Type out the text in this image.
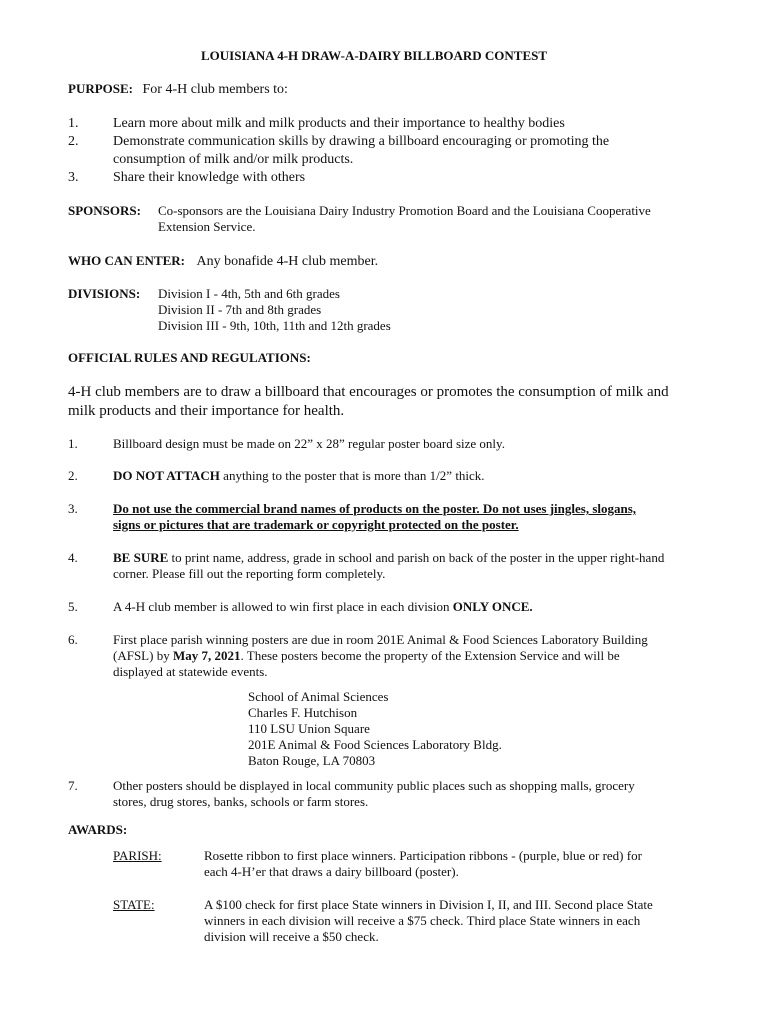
LOUISIANA 4-H DRAW-A-DAIRY BILLBOARD CONTEST
PURPOSE: For 4-H club members to:
1. Learn more about milk and milk products and their importance to healthy bodies
2. Demonstrate communication skills by drawing a billboard encouraging or promoting the
consumption of milk and/or milk products.
3. Share their knowledge with others
SPONSORS: Co-sponsors are the Louisiana Dairy Industry Promotion Board and the Louisiana Cooperative
Extension Service.
WHO CAN ENTER: Any bonafide 4-H club member.
DIVISIONS: Division I - 4th, 5th and 6th grades
Division II - 7th and 8th grades
Division III - 9th, 10th, 11th and 12th grades
OFFICIAL RULES AND REGULATIONS:
4-H club members are to draw a billboard that encourages or promotes the consumption of milk and
milk products and their importance for health.
1.	Billboard design must be made on 22” x 28” regular poster board size only.
2.	DO NOT ATTACH anything to the poster that is more than 1/2” thick.
3.	Do not use the commercial brand names of products on the poster. Do not uses jingles, slogans,
signs or pictures that are trademark or copyright protected on the poster.
4.	BE SURE to print name, address, grade in school and parish on back of the poster in the upper right-hand
corner. Please fill out the reporting form completely.
5.	A 4-H club member is allowed to win first place in each division ONLY ONCE.
6.	First place parish winning posters are due in room 201E Animal & Food Sciences Laboratory Building
(AFSL) by May 7, 2021. These posters become the property of the Extension Service and will be
displayed at statewide events.
School of Animal Sciences
Charles F. Hutchison
110 LSU Union Square
201E Animal & Food Sciences Laboratory Bldg.
Baton Rouge, LA 70803
7.	Other posters should be displayed in local community public places such as shopping malls, grocery
stores, drug stores, banks, schools or farm stores.
AWARDS:
PARISH:	Rosette ribbon to first place winners. Participation ribbons - (purple, blue or red) for
each 4-H’er that draws a dairy billboard (poster).
STATE:	A $100 check for first place State winners in Division I, II, and III. Second place State
winners in each division will receive a $75 check. Third place State winners in each
division will receive a $50 check.
